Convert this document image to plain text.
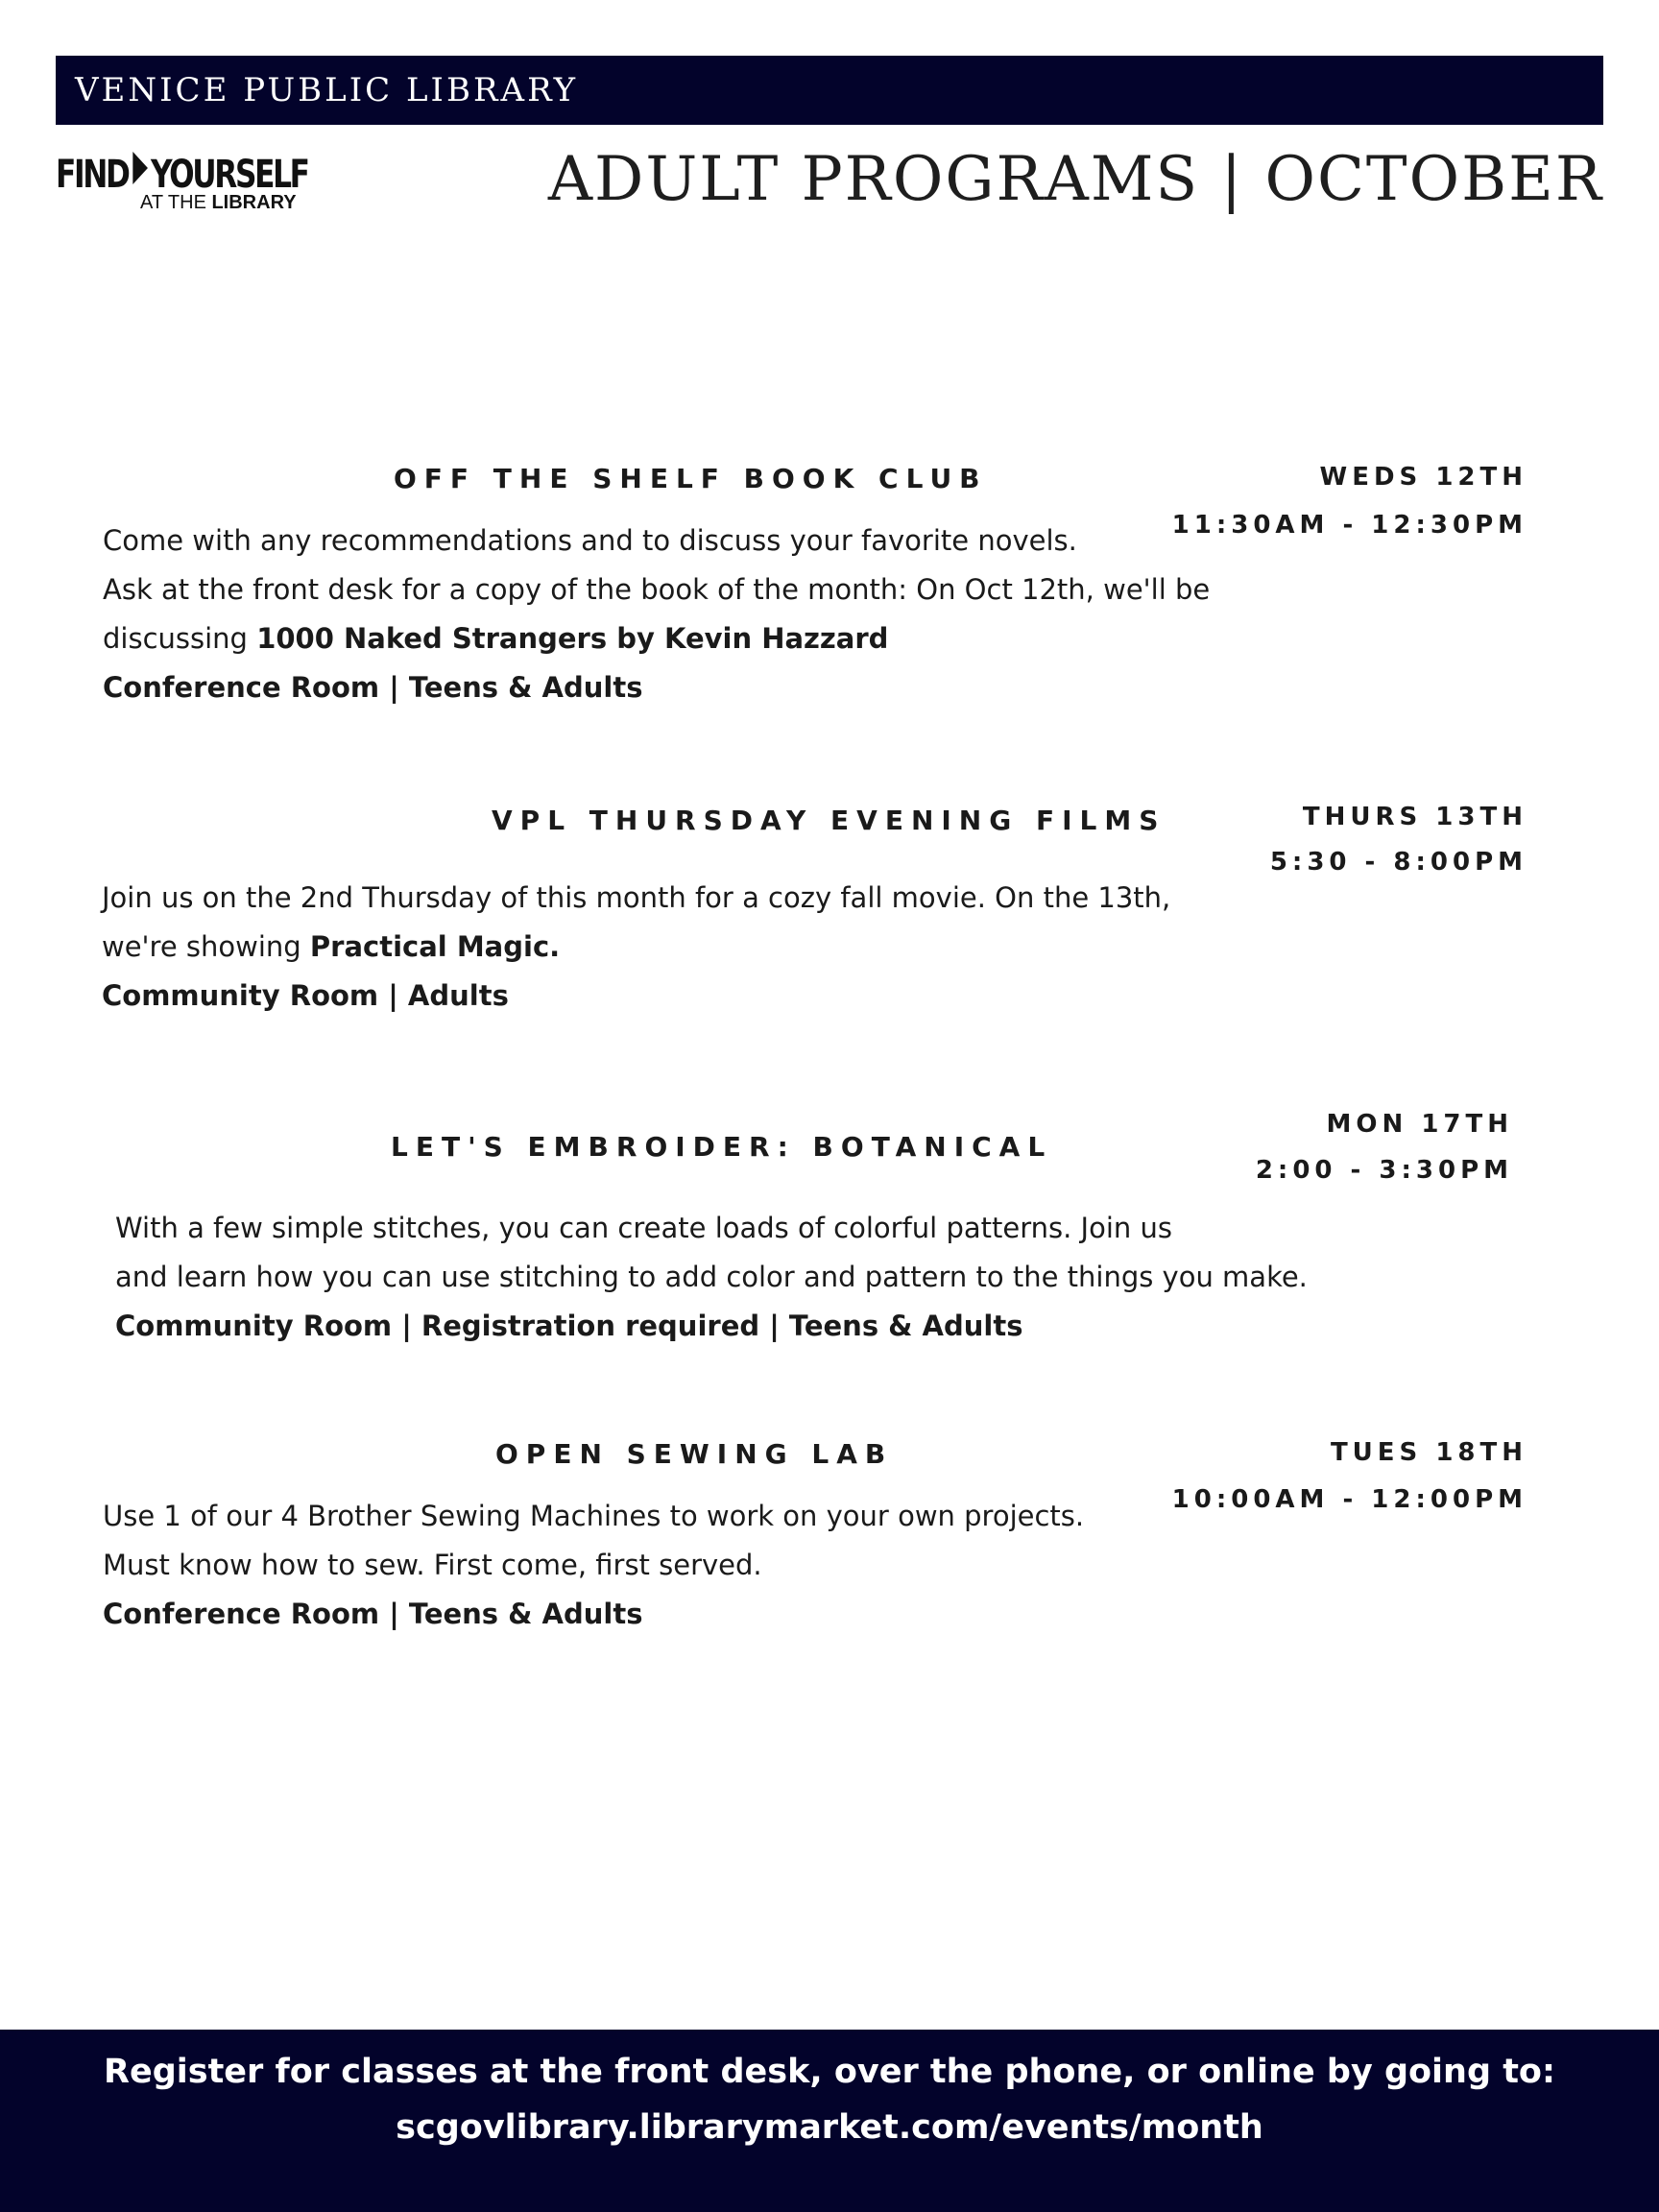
VENICE PUBLIC LIBRARY
FIND YOURSELF
AT THE LIBRARY	ADULT PROGRAMS | OCTOBER
OFF THE SHELF BOOK CLUB	WEDS 12TH
11:30AM - 12:30PM

Come with any recommendations and to discuss your favorite novels.

Ask at the front desk for a copy of the book of the month: On Oct 12th, we'll be

discussing 1000 Naked Strangers by Kevin Hazzard

Conference Room | Teens & Adults

VPL THURSDAY EVENING FILMS	THURS 13TH
5:30 - 8:00PM

Join us on the 2nd Thursday of this month for a cozy fall movie. On the 13th,

we're showing Practical Magic.

Community Room | Adults

LET'S EMBROIDER: BOTANICAL
MON 17TH
2:00 - 3:30PM

With a few simple stitches, you can create loads of colorful patterns. Join us

and learn how you can use stitching to add color and pattern to the things you make.

Community Room | Registration required | Teens & Adults

OPEN SEWING LAB	TUES 18TH
10:00AM - 12:00PM

Use 1 of our 4 Brother Sewing Machines to work on your own projects.

Must know how to sew. First come, first served.

Conference Room | Teens & Adults

Register for classes at the front desk, over the phone, or online by going to:
scgovlibrary.librarymarket.com/events/month
